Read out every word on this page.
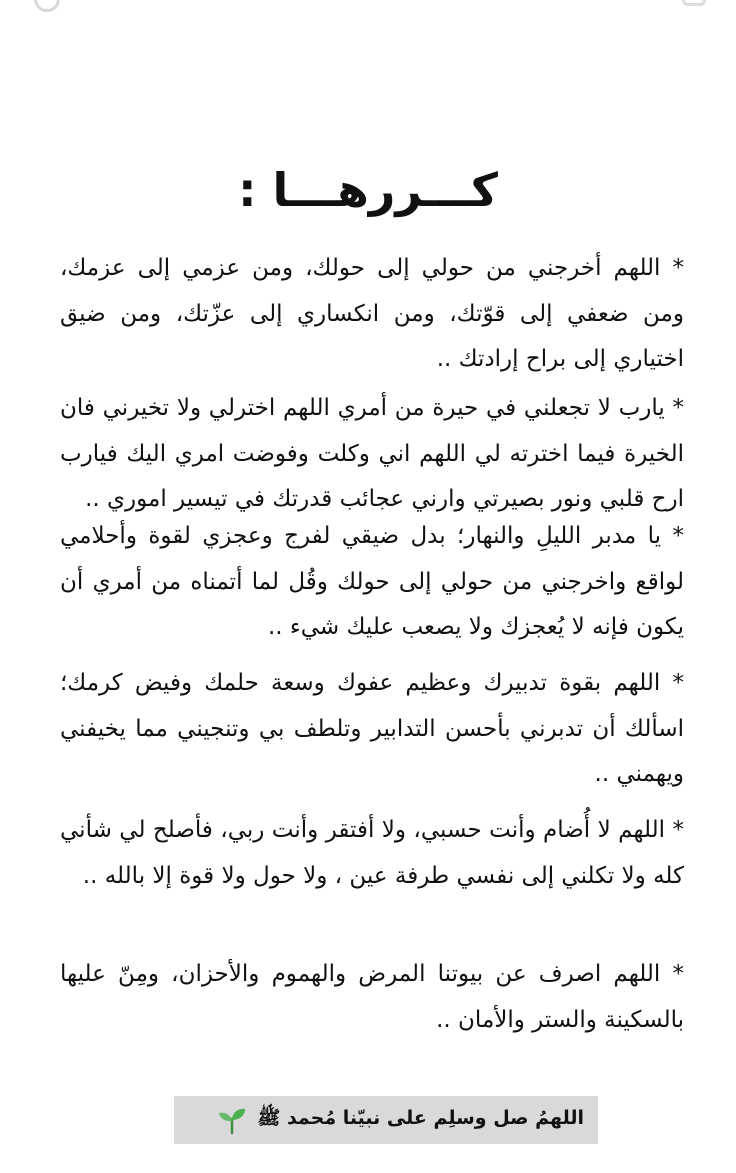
كـــررهـــا :

* اللهم أخرجني من حولي إلى حولك، ومن عزمي إلى عزمك، ومن ضعفي إلى قوّتك، ومن انكساري إلى عزّتك، ومن ضيق اختياري إلى براح إرادتك ..

* يارب لا تجعلني في حيرة من أمري اللهم اخترلي ولا تخيرني فان الخيرة فيما اخترته لي اللهم اني وكلت وفوضت امري اليك فيارب ارح قلبي ونور بصيرتي وارني عجائب قدرتك في تيسير اموري ..

* يا مدبر الليلِ والنهار؛ بدل ضيقي لفرج وعجزي لقوة وأحلامي لواقع واخرجني من حولي إلى حولك وقُل لما أتمناه من أمري أن يكون فإنه لا يُعجزك ولا يصعب عليك شيء ..

* اللهم بقوة تدبيرك وعظيم عفوك وسعة حلمك وفيض كرمك؛ اسألك أن تدبرني بأحسن التدابير وتلطف بي وتنجيني مما يخيفني ويهمني ..

* اللهم لا أُضام وأنت حسبي، ولا أفتقر وأنت ربي، فأصلح لي شأني كله ولا تكلني إلى نفسي طرفة عين ، ولا حول ولا قوة إلا بالله ..

* اللهم اصرف عن بيوتنا المرض والهموم والأحزان، ومِنّ عليها بالسكينة والستر والأمان ..

اللهمُ صل وسلِم على نبيّنا مُحمد ﷺ
